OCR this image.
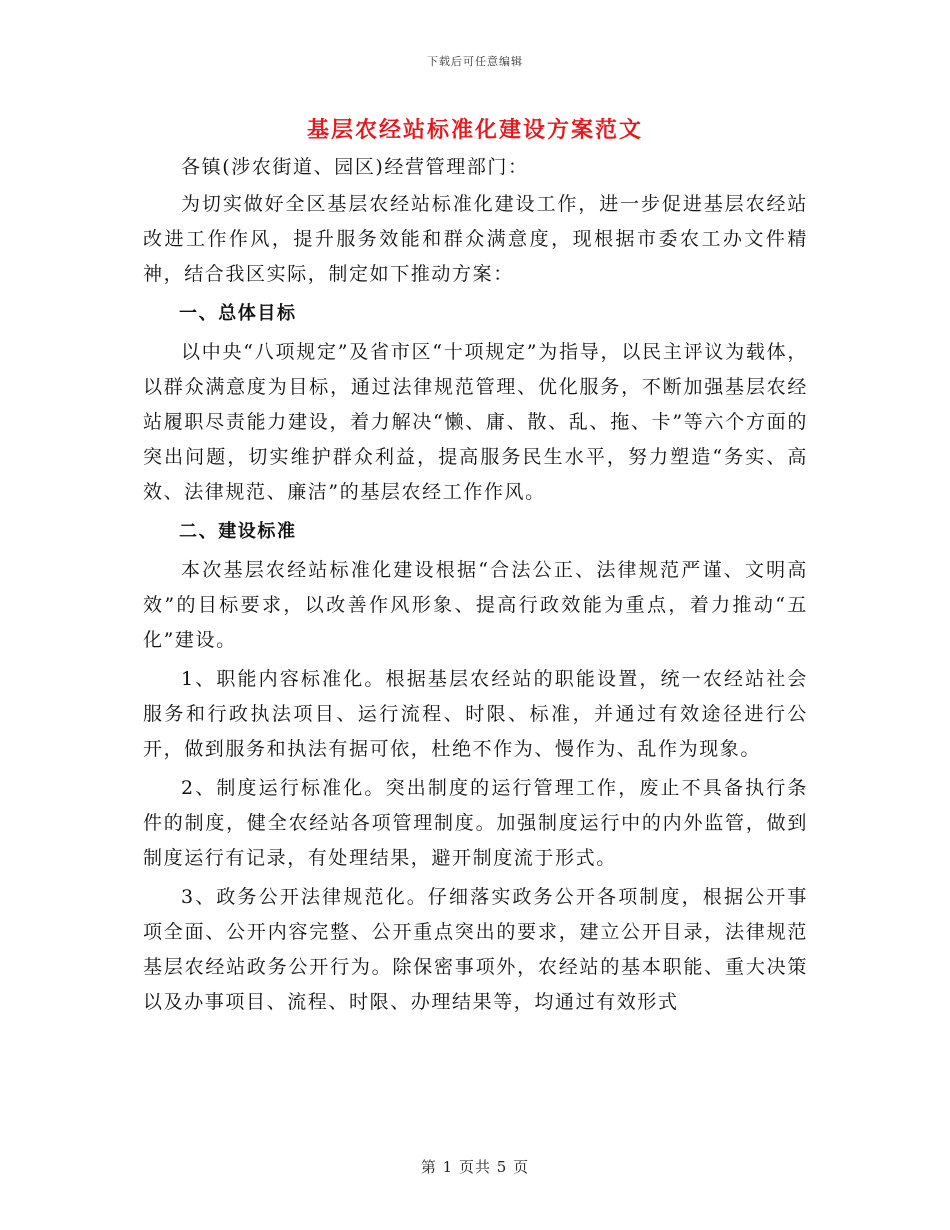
下载后可任意编辑
基层农经站标准化建设方案范文

各镇(涉农街道、园区)经营管理部门：

为切实做好全区基层农经站标准化建设工作，进一步促进基层农经站改进工作作风，提升服务效能和群众满意度，现根据市委农工办文件精神，结合我区实际，制定如下推动方案：

一、总体目标

以中央“八项规定”及省市区“十项规定”为指导，以民主评议为载体，以群众满意度为目标，通过法律规范管理、优化服务，不断加强基层农经站履职尽责能力建设，着力解决“懒、庸、散、乱、拖、卡”等六个方面的突出问题，切实维护群众利益，提高服务民生水平，努力塑造“务实、高效、法律规范、廉洁”的基层农经工作作风。

二、建设标准

本次基层农经站标准化建设根据“合法公正、法律规范严谨、文明高效”的目标要求，以改善作风形象、提高行政效能为重点，着力推动“五化”建设。

1、职能内容标准化。根据基层农经站的职能设置，统一农经站社会服务和行政执法项目、运行流程、时限、标准，并通过有效途径进行公开，做到服务和执法有据可依，杜绝不作为、慢作为、乱作为现象。

2、制度运行标准化。突出制度的运行管理工作，废止不具备执行条件的制度，健全农经站各项管理制度。加强制度运行中的内外监管，做到制度运行有记录，有处理结果，避开制度流于形式。

3、政务公开法律规范化。仔细落实政务公开各项制度，根据公开事项全面、公开内容完整、公开重点突出的要求，建立公开目录，法律规范基层农经站政务公开行为。除保密事项外，农经站的基本职能、重大决策以及办事项目、流程、时限、办理结果等，均通过有效形式

第 1 页共 5 页
